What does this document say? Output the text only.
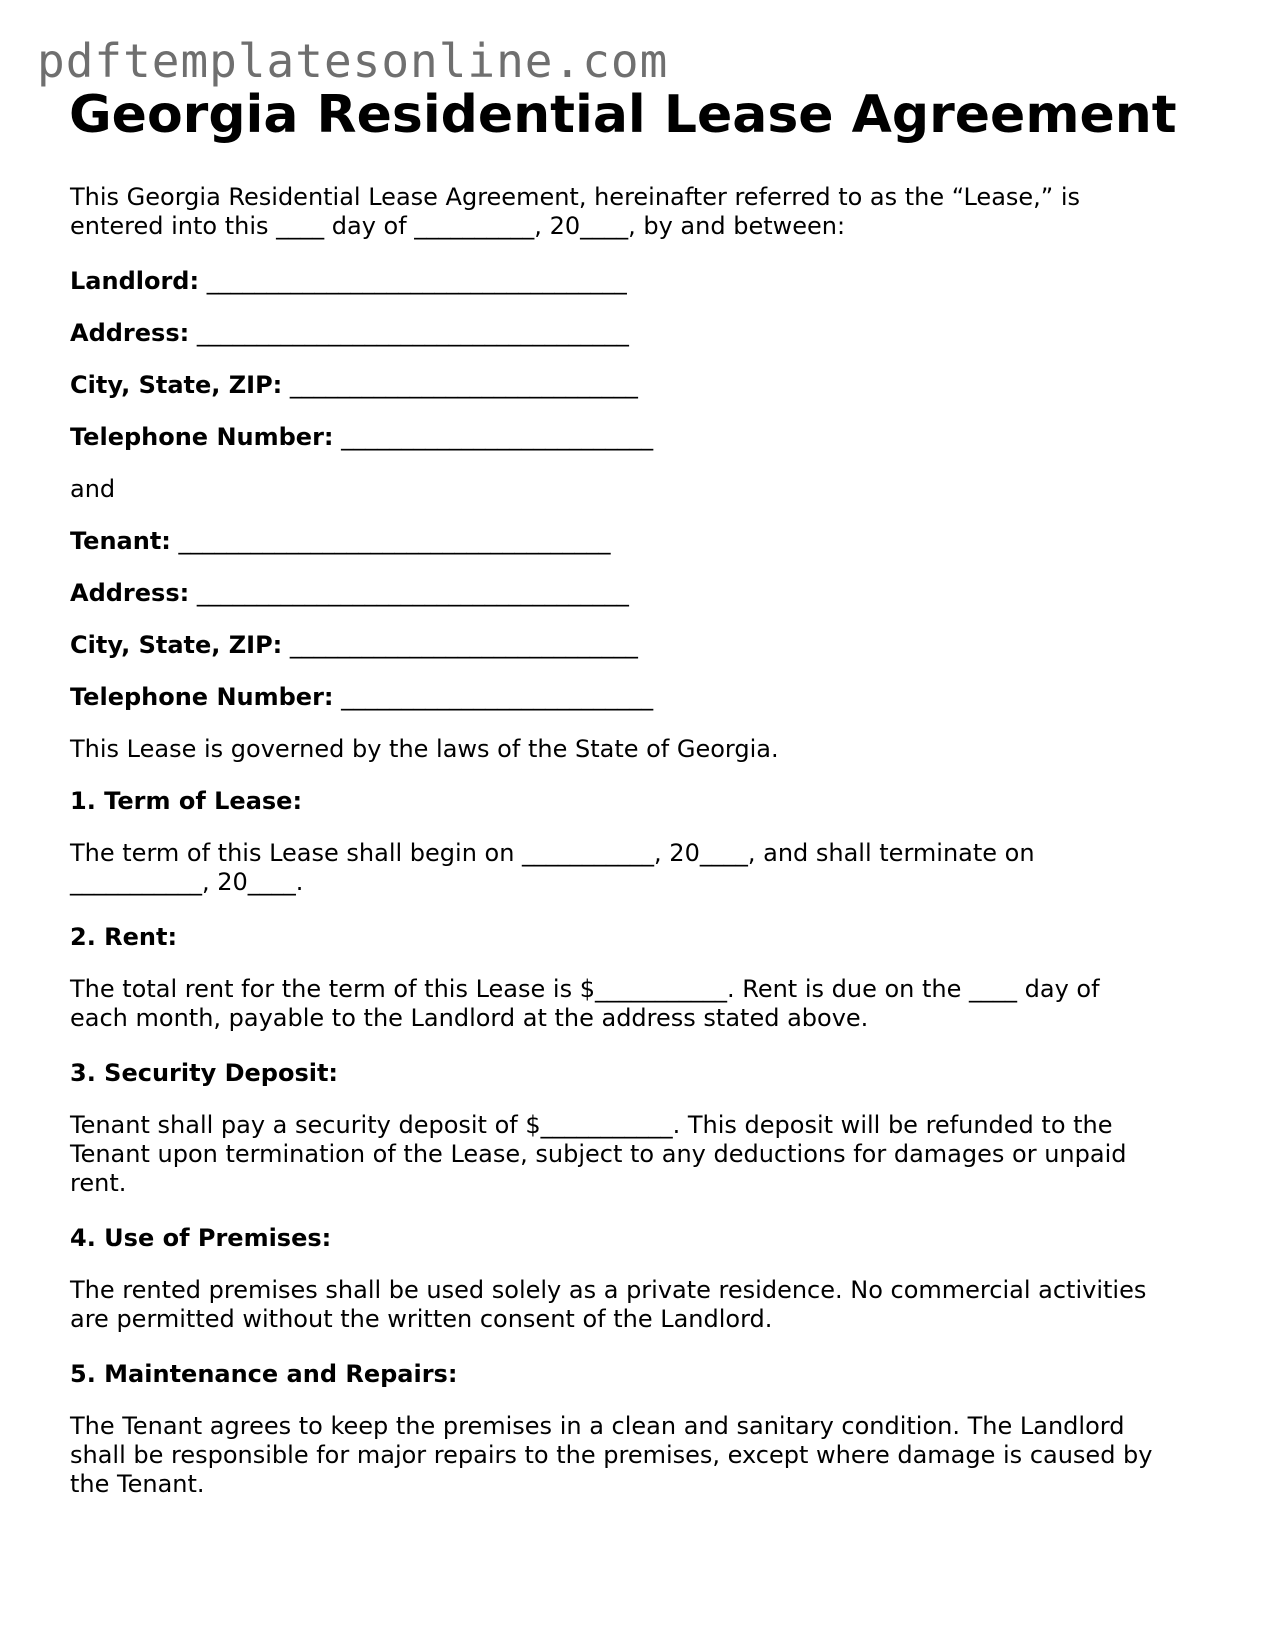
pdftemplatesonline.com
Georgia Residential Lease Agreement

This Georgia Residential Lease Agreement, hereinafter referred to as the “Lease,” is
entered into this ____ day of __________, 20____, by and between:

Landlord: ___________________________________

Address: ____________________________________

City, State, ZIP: _____________________________

Telephone Number: __________________________

and

Tenant: ____________________________________

Address: ____________________________________

City, State, ZIP: _____________________________

Telephone Number: __________________________

This Lease is governed by the laws of the State of Georgia.

1. Term of Lease:

The term of this Lease shall begin on ___________, 20____, and shall terminate on
___________, 20____.

2. Rent:

The total rent for the term of this Lease is $___________. Rent is due on the ____ day of
each month, payable to the Landlord at the address stated above.

3. Security Deposit:

Tenant shall pay a security deposit of $___________. This deposit will be refunded to the
Tenant upon termination of the Lease, subject to any deductions for damages or unpaid
rent.

4. Use of Premises:

The rented premises shall be used solely as a private residence. No commercial activities
are permitted without the written consent of the Landlord.

5. Maintenance and Repairs:

The Tenant agrees to keep the premises in a clean and sanitary condition. The Landlord
shall be responsible for major repairs to the premises, except where damage is caused by
the Tenant.
